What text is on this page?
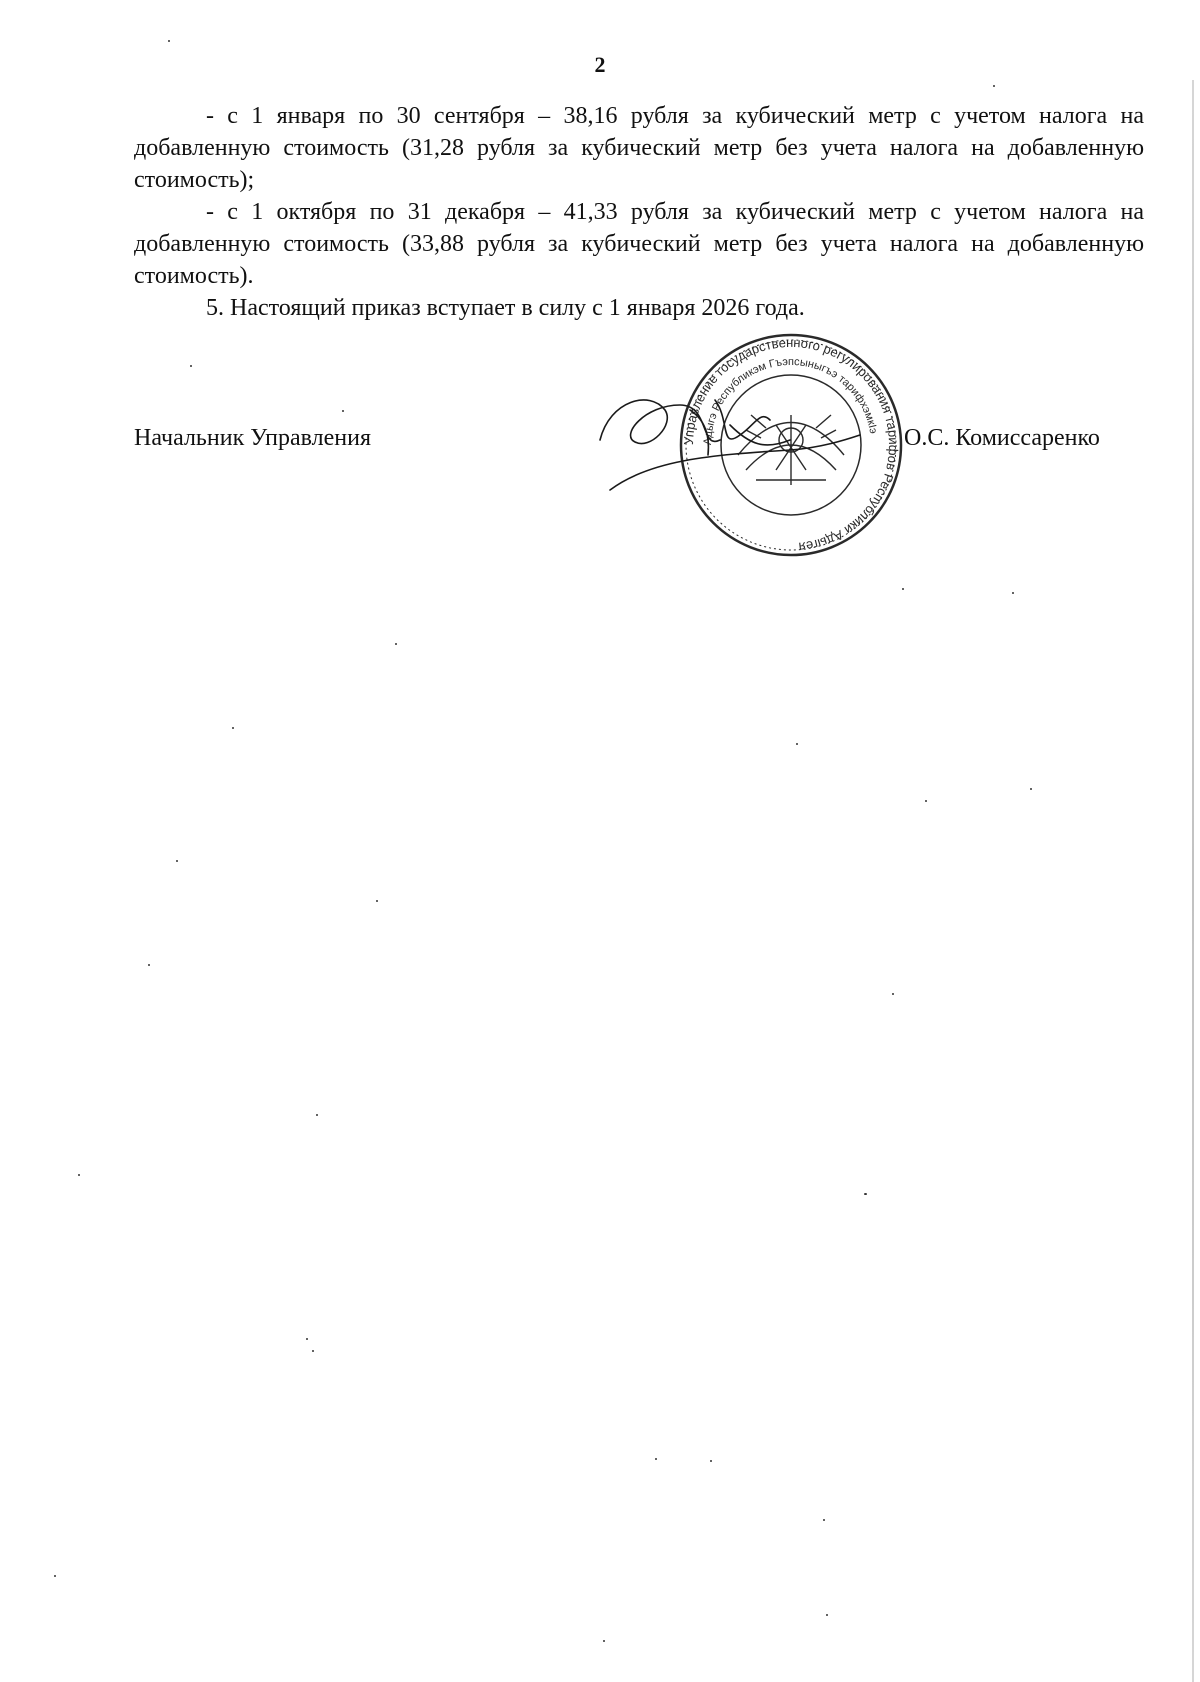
2

- с 1 января по 30 сентября – 38,16 рубля за кубический метр с учетом налога на добавленную стоимость (31,28 рубля за кубический метр без учета налога на добавленную стоимость);

- с 1 октября по 31 декабря – 41,33 рубля за кубический метр с учетом налога на добавленную стоимость (33,88 рубля за кубический метр без учета налога на добавленную стоимость).

5. Настоящий приказ вступает в силу с 1 января 2026 года.

Управление государственного регулирования тарифов Республики Адыгея
Адыгэ Республикэм Гъэпсыныгъэ тарифхэмкIэ
Начальник Управления	О.С. Комиссаренко
